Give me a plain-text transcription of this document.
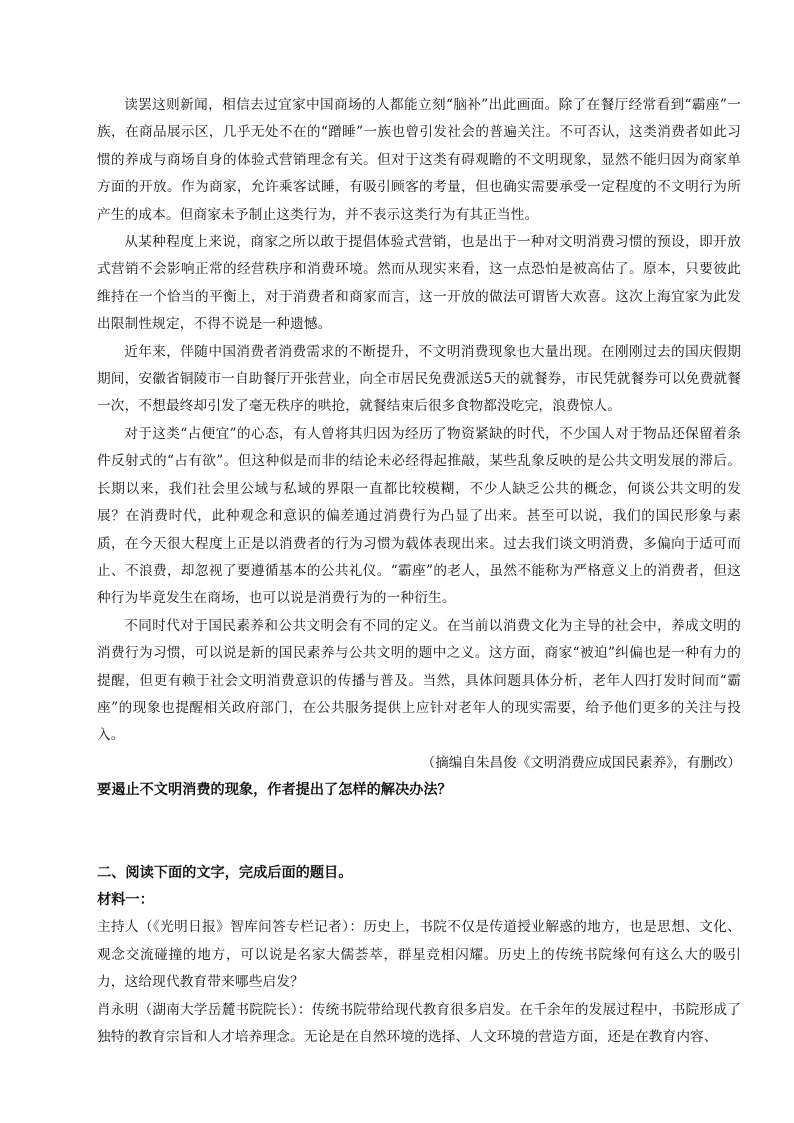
读罢这则新闻，相信去过宜家中国商场的人都能立刻“脑补”出此画面。除了在餐厅经常看到“霸座”一族，在商品展示区，几乎无处不在的“蹭睡”一族也曾引发社会的普遍关注。不可否认，这类消费者如此习惯的养成与商场自身的体验式营销理念有关。但对于这类有碍观瞻的不文明现象，显然不能归因为商家单方面的开放。作为商家，允许乘客试睡，有吸引顾客的考量，但也确实需要承受一定程度的不文明行为所产生的成本。但商家未予制止这类行为，并不表示这类行为有其正当性。

从某种程度上来说，商家之所以敢于提倡体验式营销，也是出于一种对文明消费习惯的预设，即开放式营销不会影响正常的经营秩序和消费环境。然而从现实来看，这一点恐怕是被高估了。原本，只要彼此维持在一个恰当的平衡上，对于消费者和商家而言，这一开放的做法可谓皆大欢喜。这次上海宜家为此发出限制性规定，不得不说是一种遗憾。

近年来，伴随中国消费者消费需求的不断提升，不文明消费现象也大量出现。在刚刚过去的国庆假期期间，安徽省铜陵市一自助餐厅开张营业，向全市居民免费派送5天的就餐券，市民凭就餐券可以免费就餐一次，不想最终却引发了毫无秩序的哄抢，就餐结束后很多食物都没吃完，浪费惊人。

对于这类“占便宜”的心态，有人曾将其归因为经历了物资紧缺的时代，不少国人对于物品还保留着条件反射式的“占有欲”。但这种似是而非的结论未必经得起推敲，某些乱象反映的是公共文明发展的滞后。长期以来，我们社会里公域与私域的界限一直都比较模糊，不少人缺乏公共的概念，何谈公共文明的发展？在消费时代，此种观念和意识的偏差通过消费行为凸显了出来。甚至可以说，我们的国民形象与素质，在今天很大程度上正是以消费者的行为习惯为载体表现出来。过去我们谈文明消费，多偏向于适可而止、不浪费，却忽视了要遵循基本的公共礼仪。“霸座”的老人，虽然不能称为严格意义上的消费者，但这种行为毕竟发生在商场，也可以说是消费行为的一种衍生。

不同时代对于国民素养和公共文明会有不同的定义。在当前以消费文化为主导的社会中，养成文明的消费行为习惯，可以说是新的国民素养与公共文明的题中之义。这方面，商家“被迫”纠偏也是一种有力的提醒，但更有赖于社会文明消费意识的传播与普及。当然，具体问题具体分析，老年人四打发时间而“霸座”的现象也提醒相关政府部门，在公共服务提供上应针对老年人的现实需要，给予他们更多的关注与投入。

（摘编自朱昌俊《文明消费应成国民素养》，有删改）

要遏止不文明消费的现象，作者提出了怎样的解决办法？

二、阅读下面的文字，完成后面的题目。

材料一：

主持人（《光明日报》智库问答专栏记者）：历史上，书院不仅是传道授业解惑的地方，也是思想、文化、观念交流碰撞的地方，可以说是名家大儒荟萃，群星竞相闪耀。历史上的传统书院缘何有这么大的吸引力，这给现代教育带来哪些启发？

肖永明（湖南大学岳麓书院院长）：传统书院带给现代教育很多启发。在千余年的发展过程中，书院形成了独特的教育宗旨和人才培养理念。无论是在自然环境的选择、人文环境的营造方面，还是在教育内容、
